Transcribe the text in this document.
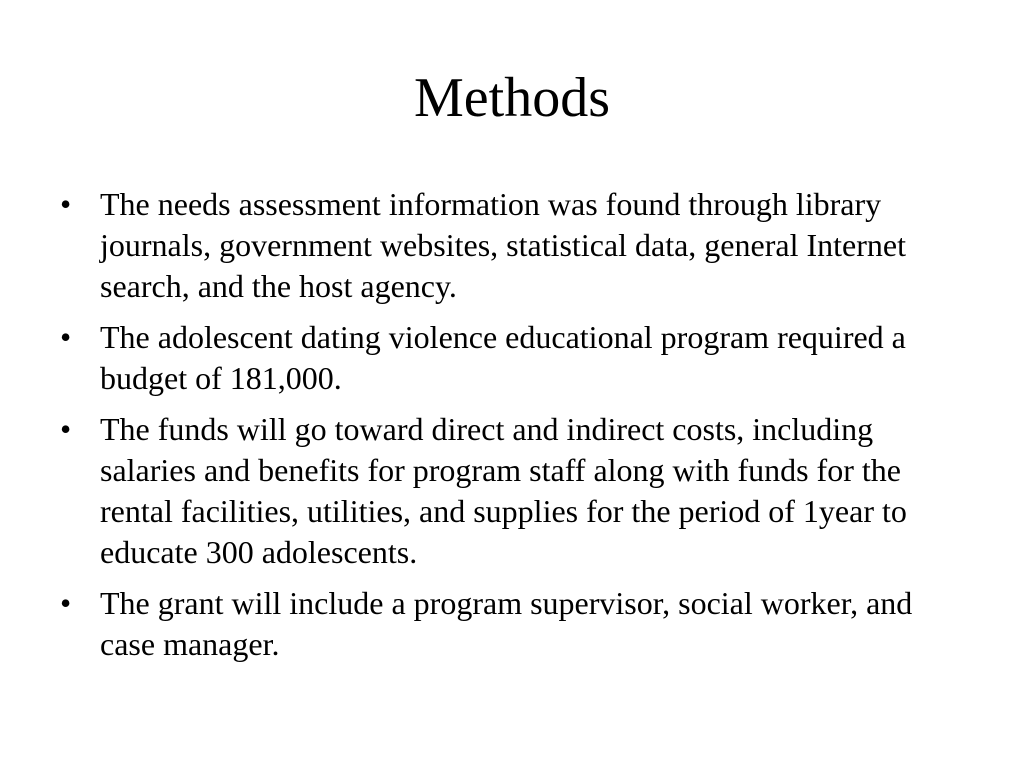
Methods
• The needs assessment information was found through library journals, government websites, statistical data, general Internet search, and the host agency.
• The adolescent dating violence educational program required a budget of 181,000.
• The funds will go toward direct and indirect costs, including salaries and benefits for program staff along with funds for the rental facilities, utilities, and supplies for the period of 1year to educate 300 adolescents.
• The grant will include a program supervisor, social worker, and case manager.
